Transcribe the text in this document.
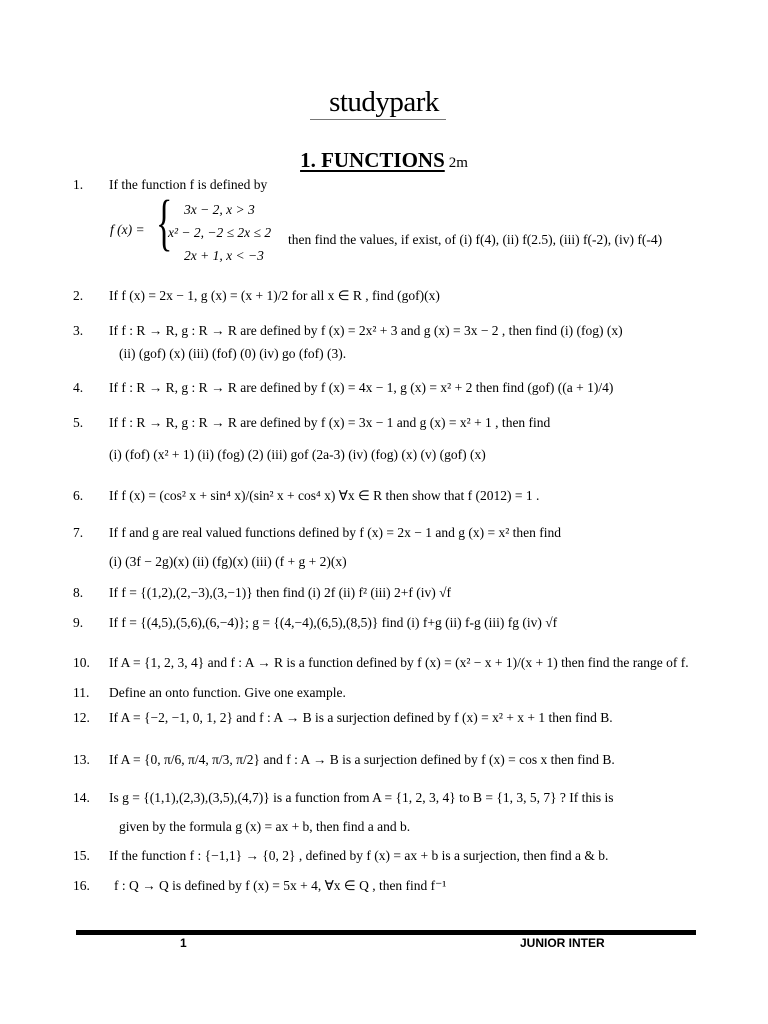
studypark
1. FUNCTIONS 2m
1. If the function f is defined by
f (x) = { 3x − 2, x > 3
x² − 2, −2 ≤ 2x ≤ 2
2x + 1, x < −3
then find the values, if exist, of (i) f(4), (ii) f(2.5), (iii) f(-2), (iv) f(-4)
2. If f (x) = 2x − 1, g (x) = (x + 1)/2 for all x ∈ R , find (gof)(x)
3. If f : R → R, g : R → R are defined by f (x) = 2x² + 3 and g (x) = 3x − 2 , then find (i) (fog) (x)
(ii) (gof) (x) (iii) (fof) (0) (iv) go (fof) (3).
4. If f : R → R, g : R → R are defined by f (x) = 4x − 1, g (x) = x² + 2 then find (gof) ((a + 1)/4)
5. If f : R → R, g : R → R are defined by f (x) = 3x − 1 and g (x) = x² + 1 , then find
(i) (fof) (x² + 1) (ii) (fog) (2) (iii) gof (2a-3) (iv) (fog) (x) (v) (gof) (x)
6. If f (x) = (cos² x + sin⁴ x)/(sin² x + cos⁴ x) ∀x ∈ R then show that f (2012) = 1 .
7. If f and g are real valued functions defined by f (x) = 2x − 1 and g (x) = x² then find
(i) (3f − 2g)(x) (ii) (fg)(x) (iii) (f + g + 2)(x)
8. If f = {(1,2),(2,−3),(3,−1)} then find (i) 2f (ii) f² (iii) 2+f (iv) √f
9. If f = {(4,5),(5,6),(6,−4)}; g = {(4,−4),(6,5),(8,5)} find (i) f+g (ii) f-g (iii) fg (iv) √f
10. If A = {1, 2, 3, 4} and f : A → R is a function defined by f (x) = (x² − x + 1)/(x + 1) then find the range of f.
11. Define an onto function. Give one example.
12. If A = {−2, −1, 0, 1, 2} and f : A → B is a surjection defined by f (x) = x² + x + 1 then find B.
13. If A = {0, π/6, π/4, π/3, π/2} and f : A → B is a surjection defined by f (x) = cos x then find B.
14. Is g = {(1,1),(2,3),(3,5),(4,7)} is a function from A = {1, 2, 3, 4} to B = {1, 3, 5, 7} ? If this is
given by the formula g (x) = ax + b, then find a and b.
15. If the function f : {−1,1} → {0, 2} , defined by f (x) = ax + b is a surjection, then find a & b.
16. f : Q → Q is defined by f (x) = 5x + 4, ∀x ∈ Q , then find f⁻¹
1	JUNIOR INTER
